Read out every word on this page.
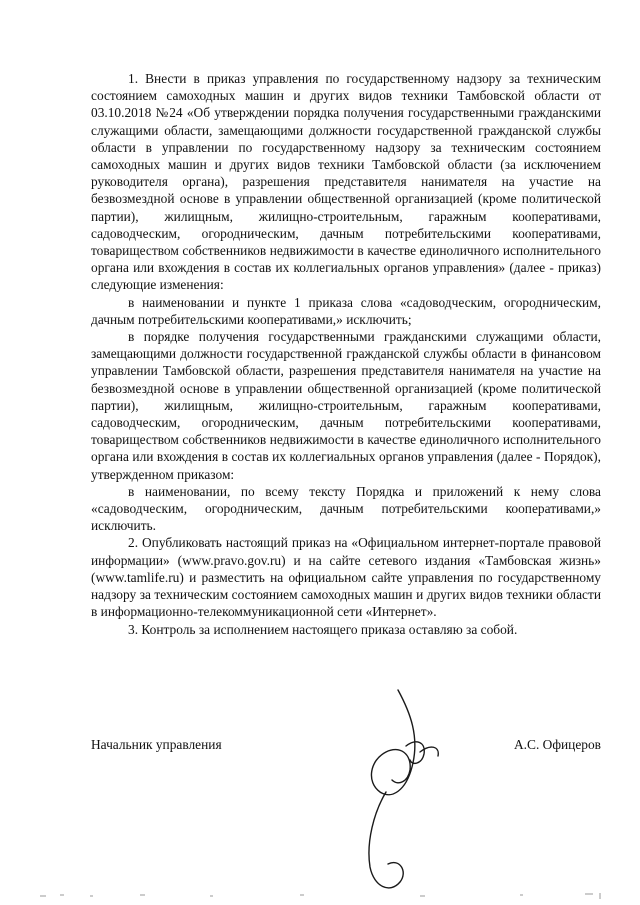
1. Внести в приказ управления по государственному надзору за техническим состоянием самоходных машин и других видов техники Тамбовской области от 03.10.2018 №24 «Об утверждении порядка получения государственными гражданскими служащими области, замещающими должности государственной гражданской службы области в управлении по государственному надзору за техническим состоянием самоходных машин и других видов техники Тамбовской области (за исключением руководителя органа), разрешения представителя нанимателя на участие на безвозмездной основе в управлении общественной организацией (кроме политической партии), жилищным, жилищно-строительным, гаражным кооперативами, садоводческим, огородническим, дачным потребительскими кооперативами, товариществом собственников недвижимости в качестве единоличного исполнительного органа или вхождения в состав их коллегиальных органов управления» (далее - приказ) следующие изменения:

в наименовании и пункте 1 приказа слова «садоводческим, огородническим, дачным потребительскими кооперативами,» исключить;

в порядке получения государственными гражданскими служащими области, замещающими должности государственной гражданской службы области в финансовом управлении Тамбовской области, разрешения представителя нанимателя на участие на безвозмездной основе в управлении общественной организацией (кроме политической партии), жилищным, жилищно-строительным, гаражным кооперативами, садоводческим, огородническим, дачным потребительскими кооперативами, товариществом собственников недвижимости в качестве единоличного исполнительного органа или вхождения в состав их коллегиальных органов управления (далее - Порядок), утвержденном приказом:

в наименовании, по всему тексту Порядка и приложений к нему слова «садоводческим, огородническим, дачным потребительскими кооперативами,» исключить.

2. Опубликовать настоящий приказ на «Официальном интернет-портале правовой информации» (www.pravo.gov.ru) и на сайте сетевого издания «Тамбовская жизнь» (www.tamlife.ru) и разместить на официальном сайте управления по государственному надзору за техническим состоянием самоходных машин и других видов техники области в информационно-телекоммуникационной сети «Интернет».

3. Контроль за исполнением настоящего приказа оставляю за собой.

Начальник управления	А.С. Офицеров
